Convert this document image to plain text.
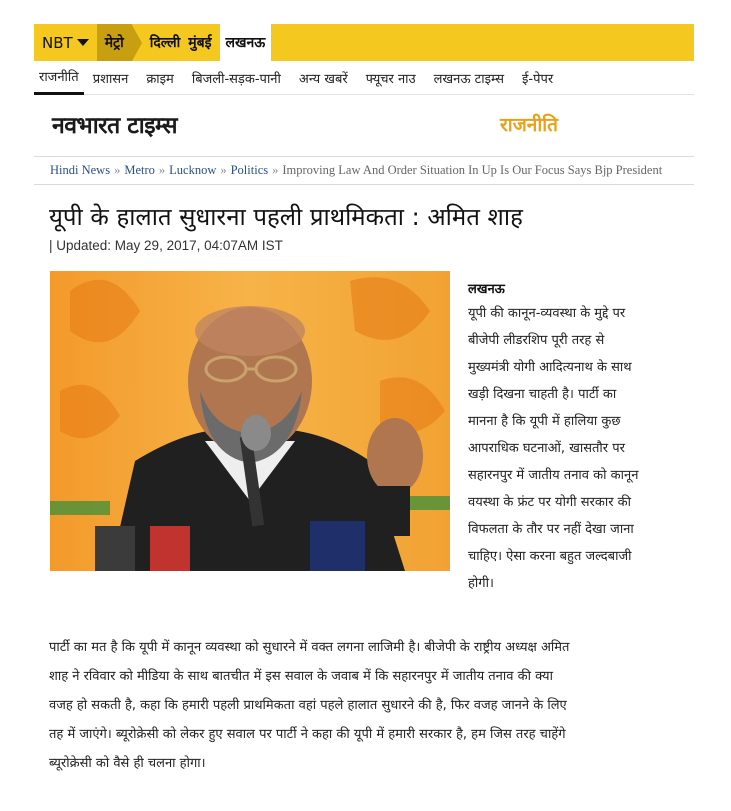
NBT	मेट्रो	दिल्ली मुंबई	लखनऊ
राजनीति	प्रशासन	क्राइम	बिजली-सड़क-पानी	अन्य खबरें	फ्यूचर नाउ	लखनऊ टाइम्स	ई-पेपर
नवभारत टाइम्स	राजनीति
Hindi News » Metro » Lucknow » Politics » Improving Law And Order Situation In Up Is Our Focus Says Bjp President
यूपी के हालात सुधारना पहली प्राथमिकता : अमित शाह
| Updated: May 29, 2017, 04:07AM IST
लखनऊ
यूपी की कानून-व्यवस्था के मुद्दे पर
बीजेपी लीडरशिप पूरी तरह से
मुख्यमंत्री योगी आदित्यनाथ के साथ
खड़ी दिखना चाहती है। पार्टी का
मानना है कि यूपी में हालिया कुछ
आपराधिक घटनाओं, खासतौर पर
सहारनपुर में जातीय तनाव को कानून
वयस्था के फ्रंट पर योगी सरकार की
विफलता के तौर पर नहीं देखा जाना
चाहिए। ऐसा करना बहुत जल्दबाजी
होगी।
पार्टी का मत है कि यूपी में कानून व्यवस्था को सुधारने में वक्त लगना लाजिमी है। बीजेपी के राष्ट्रीय अध्यक्ष अमित
शाह ने रविवार को मीडिया के साथ बातचीत में इस सवाल के जवाब में कि सहारनपुर में जातीय तनाव की क्या
वजह हो सकती है, कहा कि हमारी पहली प्राथमिकता वहां पहले हालात सुधारने की है, फिर वजह जानने के लिए
तह में जाएंगे। ब्यूरोक्रेसी को लेकर हुए सवाल पर पार्टी ने कहा की यूपी में हमारी सरकार है, हम जिस तरह चाहेंगे
ब्यूरोक्रेसी को वैसे ही चलना होगा।
